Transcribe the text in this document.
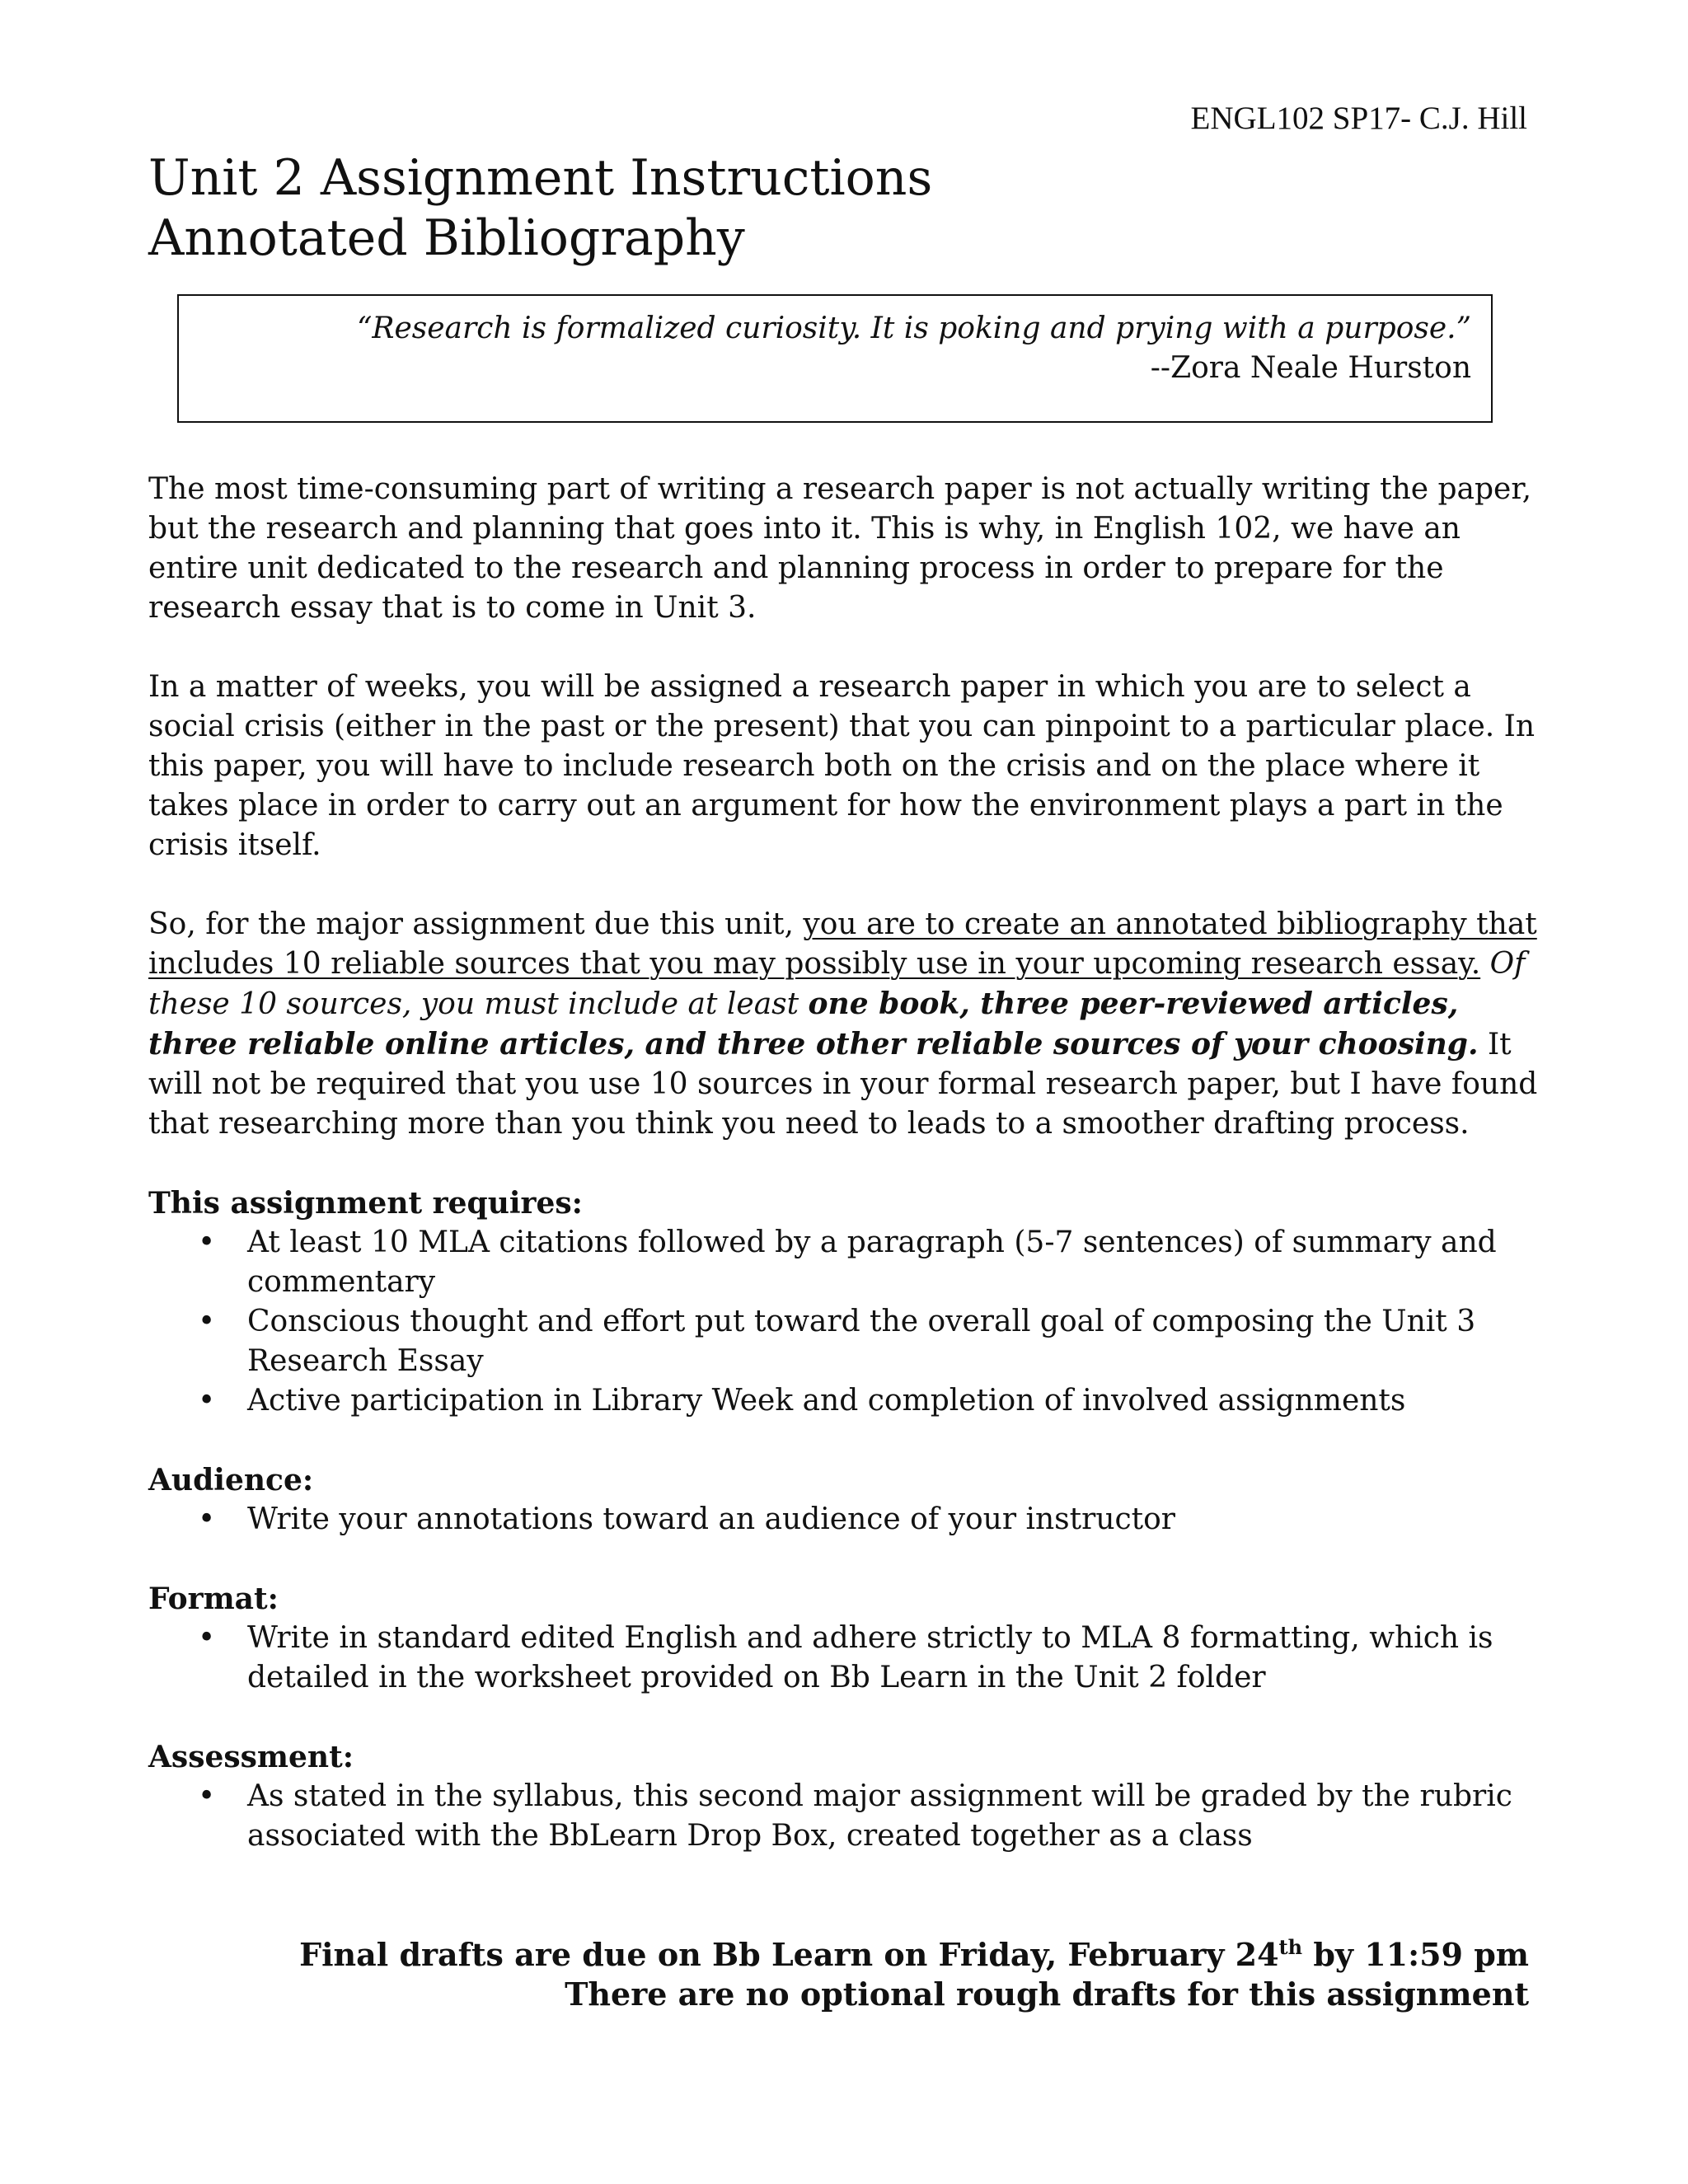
ENGL102 SP17- C.J. Hill
Unit 2 Assignment Instructions
Annotated Bibliography
“Research is formalized curiosity. It is poking and prying with a purpose.”
--Zora Neale Hurston

The most time-consuming part of writing a research paper is not actually writing the paper, but the research and planning that goes into it. This is why, in English 102, we have an entire unit dedicated to the research and planning process in order to prepare for the research essay that is to come in Unit 3.

In a matter of weeks, you will be assigned a research paper in which you are to select a social crisis (either in the past or the present) that you can pinpoint to a particular place. In this paper, you will have to include research both on the crisis and on the place where it takes place in order to carry out an argument for how the environment plays a part in the crisis itself.

So, for the major assignment due this unit, you are to create an annotated bibliography that includes 10 reliable sources that you may possibly use in your upcoming research essay. Of these 10 sources, you must include at least one book, three peer-reviewed articles, three reliable online articles, and three other reliable sources of your choosing. It will not be required that you use 10 sources in your formal research paper, but I have found that researching more than you think you need to leads to a smoother drafting process.

This assignment requires:

• At least 10 MLA citations followed by a paragraph (5-7 sentences) of summary and commentary
• Conscious thought and effort put toward the overall goal of composing the Unit 3 Research Essay
• Active participation in Library Week and completion of involved assignments

Audience:

• Write your annotations toward an audience of your instructor

Format:

• Write in standard edited English and adhere strictly to MLA 8 formatting, which is detailed in the worksheet provided on Bb Learn in the Unit 2 folder

Assessment:

• As stated in the syllabus, this second major assignment will be graded by the rubric associated with the BbLearn Drop Box, created together as a class
Final drafts are due on Bb Learn on Friday, February 24th by 11:59 pm
There are no optional rough drafts for this assignment
